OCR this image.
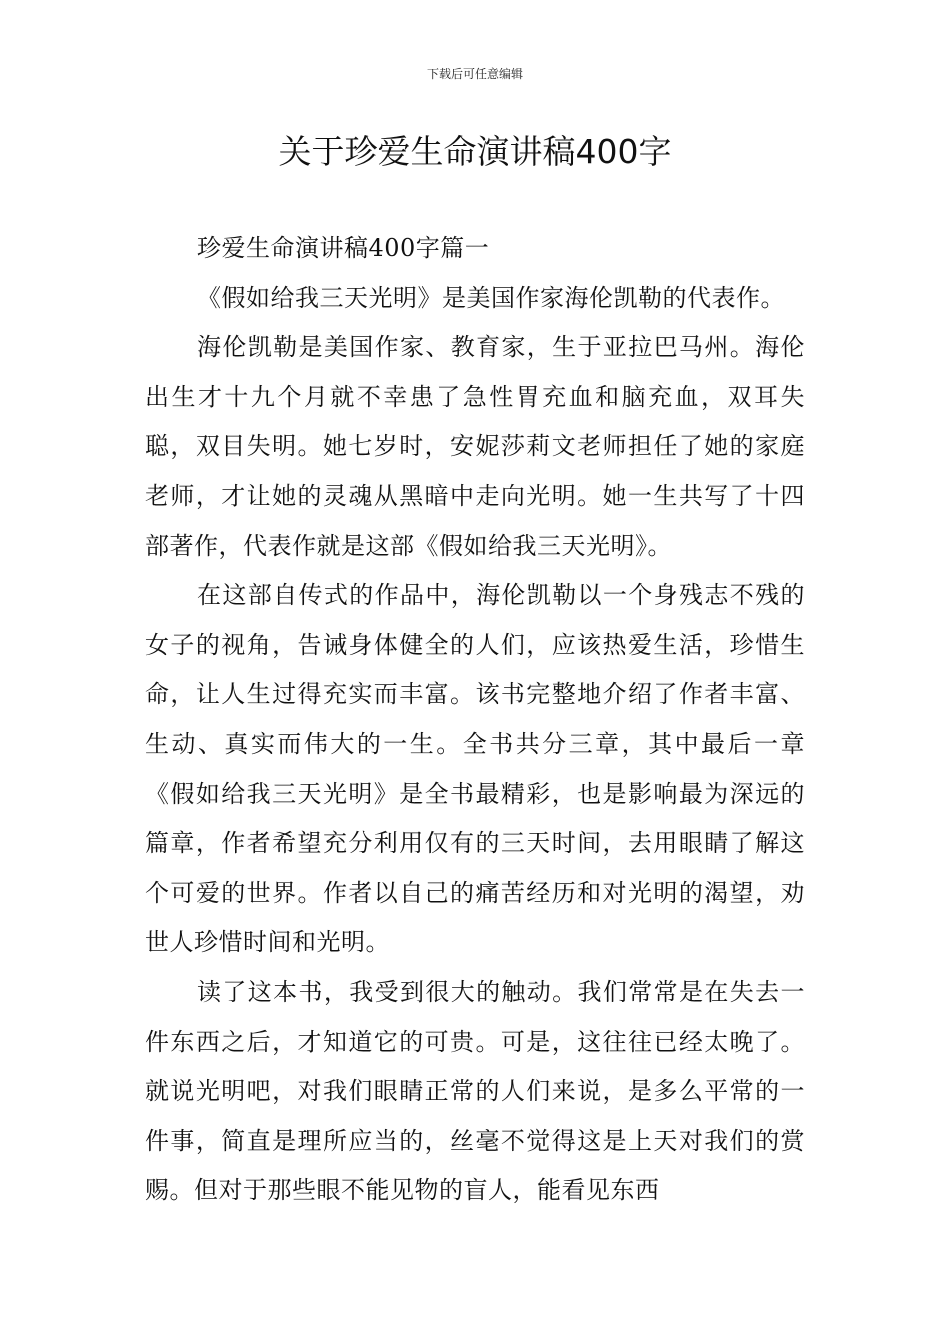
下载后可任意编辑
关于珍爱生命演讲稿400字

珍爱生命演讲稿400字篇一

《假如给我三天光明》是美国作家海伦凯勒的代表作。

海伦凯勒是美国作家、教育家，生于亚拉巴马州。海伦出生才十九个月就不幸患了急性胃充血和脑充血，双耳失聪，双目失明。她七岁时，安妮莎莉文老师担任了她的家庭老师，才让她的灵魂从黑暗中走向光明。她一生共写了十四部著作，代表作就是这部《假如给我三天光明》。

在这部自传式的作品中，海伦凯勒以一个身残志不残的女子的视角，告诫身体健全的人们，应该热爱生活，珍惜生命，让人生过得充实而丰富。该书完整地介绍了作者丰富、生动、真实而伟大的一生。全书共分三章，其中最后一章《假如给我三天光明》是全书最精彩，也是影响最为深远的篇章，作者希望充分利用仅有的三天时间，去用眼睛了解这个可爱的世界。作者以自己的痛苦经历和对光明的渴望，劝世人珍惜时间和光明。

读了这本书，我受到很大的触动。我们常常是在失去一件东西之后，才知道它的可贵。可是，这往往已经太晚了。就说光明吧，对我们眼睛正常的人们来说，是多么平常的一件事，简直是理所应当的，丝毫不觉得这是上天对我们的赏赐。但对于那些眼不能见物的盲人，能看见东西
